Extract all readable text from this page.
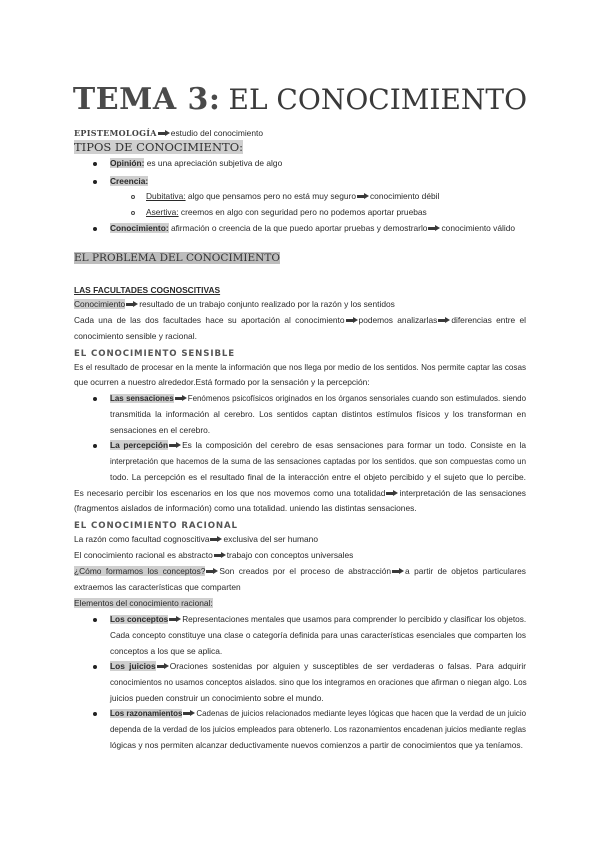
TEMA 3: EL CONOCIMIENTO
EPISTEMOLOGÍA estudio del conocimiento
TIPOS DE CONOCIMIENTO:
Opinión: es una apreciación subjetiva de algo
Creencia:
Dubitativa: algo que pensamos pero no está muy seguro conocimiento débil
Asertiva: creemos en algo con seguridad pero no podemos aportar pruebas
Conocimiento: afirmación o creencia de la que puedo aportar pruebas y demostrarlo conocimiento válido
EL PROBLEMA DEL CONOCIMIENTO
LAS FACULTADES COGNOSCITIVAS
Conocimiento resultado de un trabajo conjunto realizado por la razón y los sentidos
Cada una de las dos facultades hace su aportación al conocimiento podemos analizarlas diferencias entre el
conocimiento sensible y racional.
EL CONOCIMIENTO SENSIBLE
Es el resultado de procesar en la mente la información que nos llega por medio de los sentidos. Nos permite captar las cosas
que ocurren a nuestro alrededor.Está formado por la sensación y la percepción:
Las sensaciones Fenómenos psicofísicos originados en los órganos sensoriales cuando son estimulados. siendo
transmitida la información al cerebro. Los sentidos captan distintos estímulos físicos y los transforman en
sensaciones en el cerebro.
La percepción Es la composición del cerebro de esas sensaciones para formar un todo. Consiste en la
interpretación que hacemos de la suma de las sensaciones captadas por los sentidos. que son compuestas como un
todo. La percepción es el resultado final de la interacción entre el objeto percibido y el sujeto que lo percibe.
Es necesario percibir los escenarios en los que nos movemos como una totalidad interpretación de las sensaciones
(fragmentos aislados de información) como una totalidad. uniendo las distintas sensaciones.
EL CONOCIMIENTO RACIONAL
La razón como facultad cognoscitiva exclusiva del ser humano
El conocimiento racional es abstracto trabajo con conceptos universales
¿Cómo formamos los conceptos? Son creados por el proceso de abstracción a partir de objetos particulares
extraemos las características que comparten
Elementos del conocimiento racional:
Los conceptos Representaciones mentales que usamos para comprender lo percibido y clasificar los objetos.
Cada concepto constituye una clase o categoría definida para unas características esenciales que comparten los
conceptos a los que se aplica.
Los juicios Oraciones sostenidas por alguien y susceptibles de ser verdaderas o falsas. Para adquirir
conocimientos no usamos conceptos aislados. sino que los integramos en oraciones que afirman o niegan algo. Los
juicios pueden construir un conocimiento sobre el mundo.
Los razonamientos Cadenas de juicios relacionados mediante leyes lógicas que hacen que la verdad de un juicio
dependa de la verdad de los juicios empleados para obtenerlo. Los razonamientos encadenan juicios mediante reglas
lógicas y nos permiten alcanzar deductivamente nuevos comienzos a partir de conocimientos que ya teníamos.
